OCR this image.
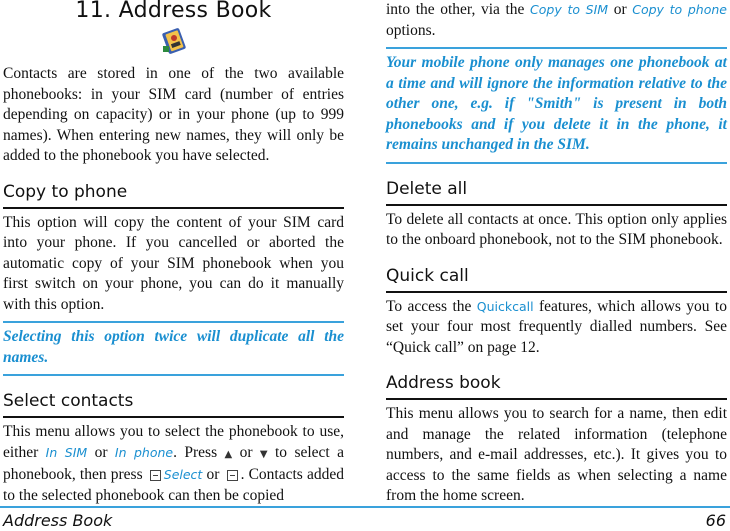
11. Address Book

Contacts are stored in one of the two available phonebooks: in your SIM card (number of entries depending on capacity) or in your phone (up to 999 names). When entering new names, they will only be added to the phonebook you have selected.

Copy to phone

This option will copy the content of your SIM card into your phone. If you cancelled or aborted the automatic copy of your SIM phonebook when you first switch on your phone, you can do it manually with this option.

Selecting this option twice will duplicate all the names.
Select contacts

This menu allows you to select the phonebook to use, either In SIM or In phone. Press ▲ or ▼ to select a phonebook, then press Select or . Contacts added to the selected phonebook can then be copied

into the other, via the Copy to SIM or Copy to phone options.

Your mobile phone only manages one phonebook at a time and will ignore the information relative to the other one, e.g. if "Smith" is present in both phonebooks and if you delete it in the phone, it remains unchanged in the SIM.
Delete all

To delete all contacts at once. This option only applies to the onboard phonebook, not to the SIM phonebook.

Quick call

To access the Quickcall features, which allows you to set your four most frequently dialled numbers. See “Quick call” on page 12.

Address book

This menu allows you to search for a name, then edit and manage the related information (telephone numbers, and e-mail addresses, etc.). It gives you to access to the same fields as when selecting a name from the home screen.

Address Book	66
